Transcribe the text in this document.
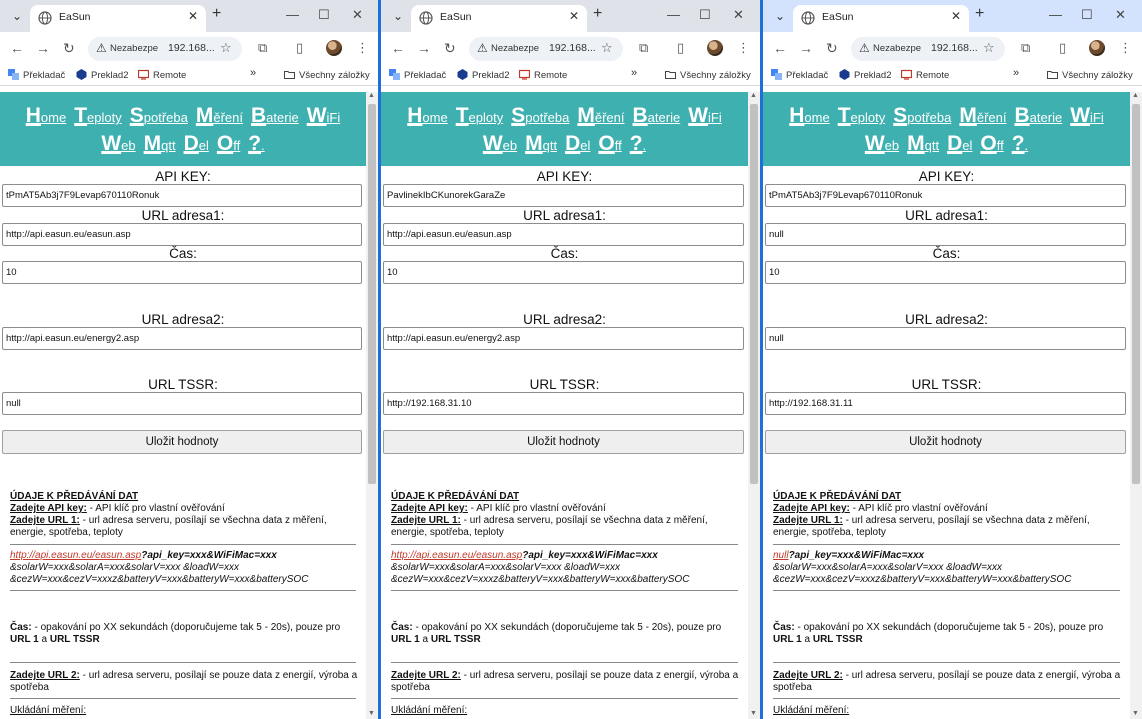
⌄	EaSun	✕ +	— ☐ ✕
← → ↻ ⚠ Nezabezpe 192.168... ☆ ⧉ ▯	⋮
Překladač	Preklad2	Remote	»	Všechny záložky
Home Teploty Spotřeba Měření Baterie WiFi
Web Mqtt Del Off ?.
API KEY:
tPmAT5Ab3j7F9Levap670110Ronuk
URL adresa1:
http://api.easun.eu/easun.asp
Čas:
10
URL adresa2:
http://api.easun.eu/energy2.asp
URL TSSR:
null
Uložit hodnoty
ÚDAJE K PŘEDÁVÁNÍ DAT
Zadejte API key: - API klíč pro vlastní ověřování
Zadejte URL 1: - url adresa serveru, posílají se všechna data z měření, energie, spotřeba, teploty
http://api.easun.eu/easun.asp?api_key=xxx&WiFiMac=xxx
&solarW=xxx&solarA=xxx&solarV=xxx &loadW=xxx
&cezW=xxx&cezV=xxxz&batteryV=xxx&batteryW=xxx&batterySOC
Čas: - opakování po XX sekundách (doporučujeme tak 5 - 20s), pouze pro URL 1 a URL TSSR
Zadejte URL 2: - url adresa serveru, posílají se pouze data z energií, výroba a spotřeba
Ukládání měření:
▲
▼
⌄	EaSun	✕ +	— ☐ ✕
← → ↻ ⚠ Nezabezpe 192.168... ☆ ⧉ ▯	⋮
Překladač	Preklad2	Remote	»	Všechny záložky
Home Teploty Spotřeba Měření Baterie WiFi
Web Mqtt Del Off ?.
API KEY:
PavlinekIbCKunorekGaraZe
URL adresa1:
http://api.easun.eu/easun.asp
Čas:
10
URL adresa2:
http://api.easun.eu/energy2.asp
URL TSSR:
http://192.168.31.10
Uložit hodnoty
ÚDAJE K PŘEDÁVÁNÍ DAT
Zadejte API key: - API klíč pro vlastní ověřování
Zadejte URL 1: - url adresa serveru, posílají se všechna data z měření, energie, spotřeba, teploty
http://api.easun.eu/easun.asp?api_key=xxx&WiFiMac=xxx
&solarW=xxx&solarA=xxx&solarV=xxx &loadW=xxx
&cezW=xxx&cezV=xxxz&batteryV=xxx&batteryW=xxx&batterySOC
Čas: - opakování po XX sekundách (doporučujeme tak 5 - 20s), pouze pro URL 1 a URL TSSR
Zadejte URL 2: - url adresa serveru, posílají se pouze data z energií, výroba a spotřeba
Ukládání měření:
▲
▼
⌄	EaSun	✕ +	— ☐ ✕
← → ↻ ⚠ Nezabezpe 192.168... ☆ ⧉ ▯	⋮
Překladač	Preklad2	Remote	»	Všechny záložky
Home Teploty Spotřeba Měření Baterie WiFi
Web Mqtt Del Off ?.
API KEY:
tPmAT5Ab3j7F9Levap670110Ronuk
URL adresa1:
null
Čas:
10
URL adresa2:
null
URL TSSR:
http://192.168.31.11
Uložit hodnoty
ÚDAJE K PŘEDÁVÁNÍ DAT
Zadejte API key: - API klíč pro vlastní ověřování
Zadejte URL 1: - url adresa serveru, posílají se všechna data z měření, energie, spotřeba, teploty
null?api_key=xxx&WiFiMac=xxx
&solarW=xxx&solarA=xxx&solarV=xxx &loadW=xxx
&cezW=xxx&cezV=xxxz&batteryV=xxx&batteryW=xxx&batterySOC
Čas: - opakování po XX sekundách (doporučujeme tak 5 - 20s), pouze pro URL 1 a URL TSSR
Zadejte URL 2: - url adresa serveru, posílají se pouze data z energií, výroba a spotřeba
Ukládání měření:
▲
▼
